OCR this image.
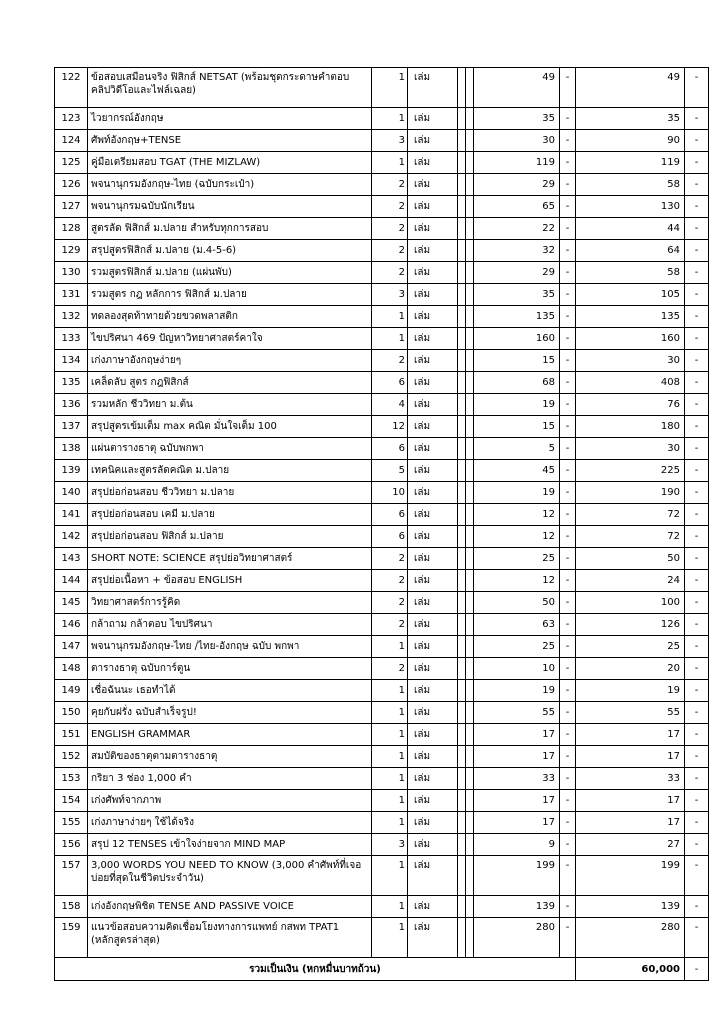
122	ข้อสอบเสมือนจริง ฟิสิกส์ NETSAT (พร้อมชุดกระดาษคำตอบ คลิปวิดีโอและไฟล์เฉลย)	1	เล่ม			49	-	49	-
123	ไวยากรณ์อังกฤษ	1	เล่ม			35	-	35	-
124	ศัพท์อังกฤษ+TENSE	3	เล่ม			30	-	90	-
125	คู่มือเตรียมสอบ TGAT (THE MIZLAW)	1	เล่ม			119	-	119	-
126	พจนานุกรมอังกฤษ-ไทย (ฉบับกระเป๋า)	2	เล่ม			29	-	58	-
127	พจนานุกรมฉบับนักเรียน	2	เล่ม			65	-	130	-
128	สูตรลัด ฟิสิกส์ ม.ปลาย สำหรับทุกการสอบ	2	เล่ม			22	-	44	-
129	สรุปสูตรฟิสิกส์ ม.ปลาย (ม.4-5-6)	2	เล่ม			32	-	64	-
130	รวมสูตรฟิสิกส์ ม.ปลาย (แผ่นพับ)	2	เล่ม			29	-	58	-
131	รวมสูตร กฎ หลักการ ฟิสิกส์ ม.ปลาย	3	เล่ม			35	-	105	-
132	ทดลองสุดท้าทายด้วยขวดพลาสติก	1	เล่ม			135	-	135	-
133	ไขปริศนา 469 ปัญหาวิทยาศาสตร์คาใจ	1	เล่ม			160	-	160	-
134	เก่งภาษาอังกฤษง่ายๆ	2	เล่ม			15	-	30	-
135	เคล็ดลับ สูตร กฎฟิสิกส์	6	เล่ม			68	-	408	-
136	รวมหลัก ชีววิทยา ม.ต้น	4	เล่ม			19	-	76	-
137	สรุปสูตรเข้มเต็ม max คณิต มั่นใจเต็ม 100	12	เล่ม			15	-	180	-
138	แผ่นตารางธาตุ ฉบับพกพา	6	เล่ม			5	-	30	-
139	เทคนิคและสูตรลัดคณิต ม.ปลาย	5	เล่ม			45	-	225	-
140	สรุปย่อก่อนสอบ ชีววิทยา ม.ปลาย	10	เล่ม			19	-	190	-
141	สรุปย่อก่อนสอบ เคมี ม.ปลาย	6	เล่ม			12	-	72	-
142	สรุปย่อก่อนสอบ ฟิสิกส์ ม.ปลาย	6	เล่ม			12	-	72	-
143	SHORT NOTE: SCIENCE สรุปย่อวิทยาศาสตร์	2	เล่ม			25	-	50	-
144	สรุปย่อเนื้อหา + ข้อสอบ ENGLISH	2	เล่ม			12	-	24	-
145	วิทยาศาสตร์การรู้คิด	2	เล่ม			50	-	100	-
146	กล้าถาม กล้าตอบ ไขปริศนา	2	เล่ม			63	-	126	-
147	พจนานุกรมอังกฤษ-ไทย /ไทย-อังกฤษ ฉบับ พกพา	1	เล่ม			25	-	25	-
148	ตารางธาตุ ฉบับการ์ตูน	2	เล่ม			10	-	20	-
149	เชื่อฉันนะ เธอทำได้	1	เล่ม			19	-	19	-
150	คุยกับฝรั่ง ฉบับสำเร็จรูป!	1	เล่ม			55	-	55	-
151	ENGLISH GRAMMAR	1	เล่ม			17	-	17	-
152	สมบัติของธาตุตามตารางธาตุ	1	เล่ม			17	-	17	-
153	กริยา 3 ช่อง 1,000 คำ	1	เล่ม			33	-	33	-
154	เก่งศัพท์จากภาพ	1	เล่ม			17	-	17	-
155	เก่งภาษาง่ายๆ ใช้ได้จริง	1	เล่ม			17	-	17	-
156	สรุป 12 TENSES เข้าใจง่ายจาก MIND MAP	3	เล่ม			9	-	27	-
157	3,000 WORDS YOU NEED TO KNOW (3,000 คำศัพท์ที่เจอบ่อยที่สุดในชีวิตประจำวัน)	1	เล่ม			199	-	199	-
158	เก่งอังกฤษพิชิต TENSE AND PASSIVE VOICE	1	เล่ม			139	-	139	-
159	แนวข้อสอบความคิดเชื่อมโยงทางการแพทย์ กสพท TPAT1 (หลักสูตรล่าสุด)	1	เล่ม			280	-	280	-
รวมเป็นเงิน (หกหมื่นบาทถ้วน)								60,000	-
